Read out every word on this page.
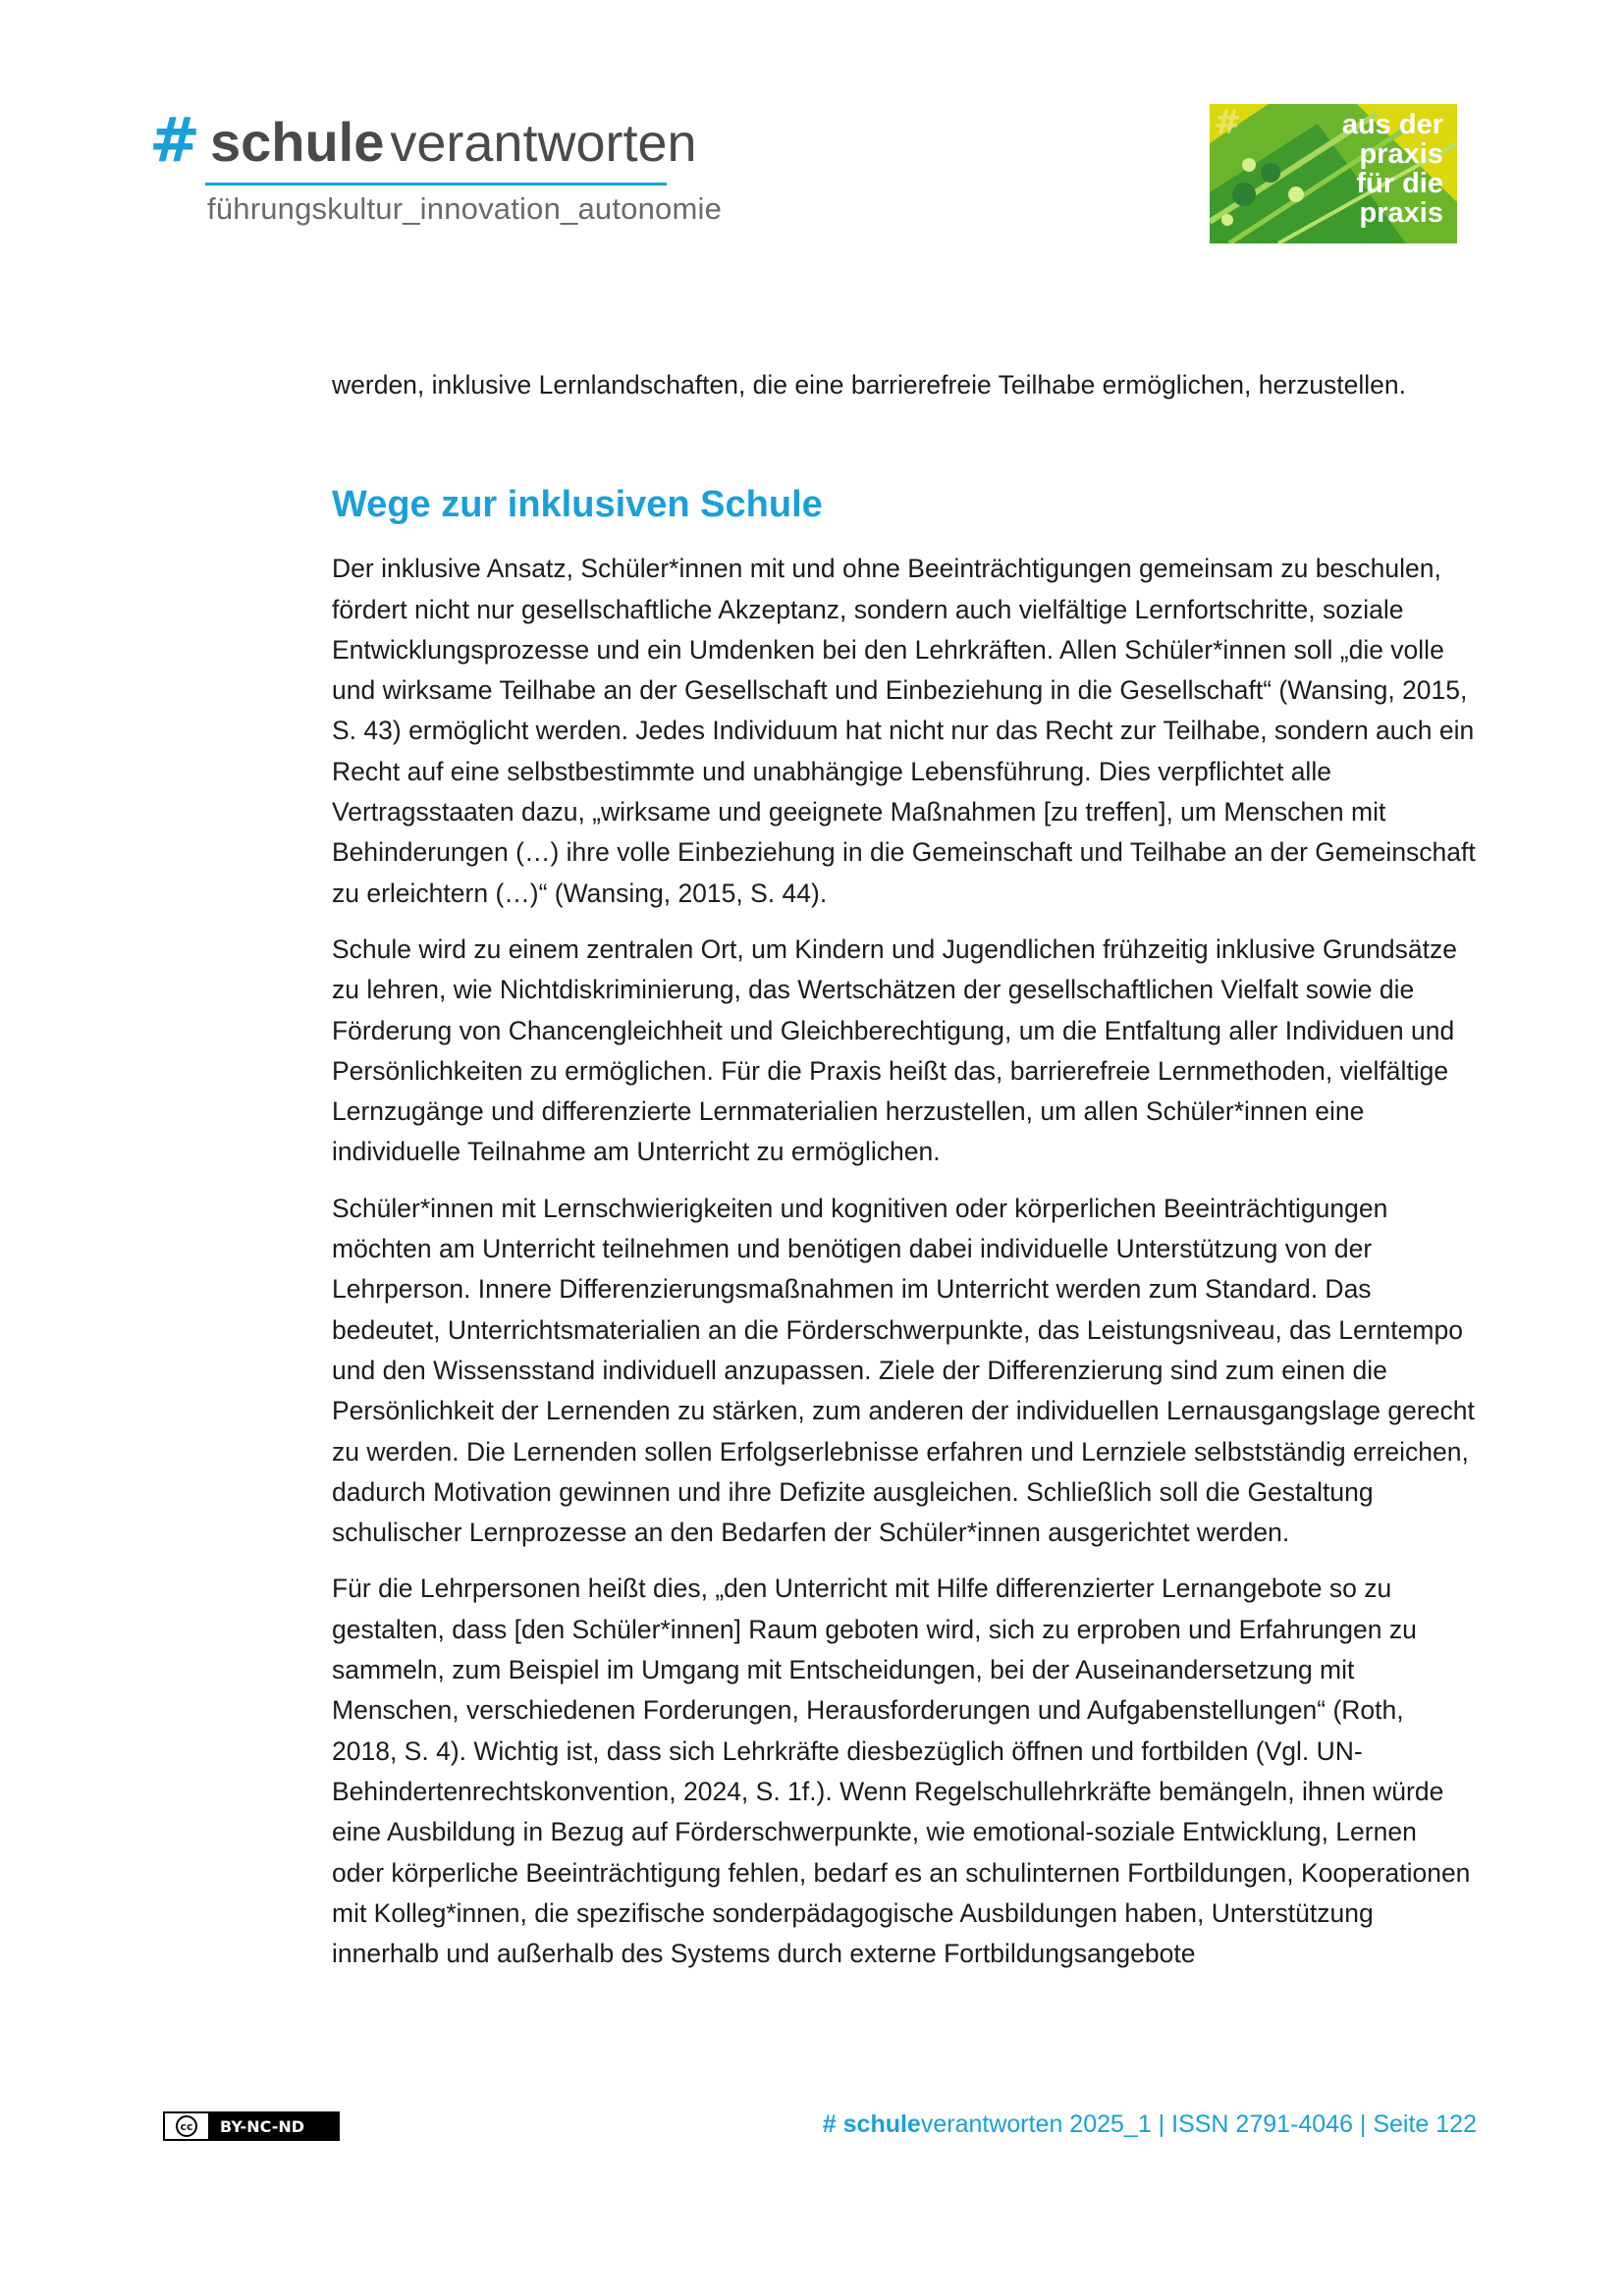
# schule verantworten
führungskultur_innovation_autonomie
#	aus der
praxis
für die
praxis

werden, inklusive Lernlandschaften, die eine barrierefreie Teilhabe ermöglichen, herzustellen.

Wege zur inklusiven Schule

Der inklusive Ansatz, Schüler*innen mit und ohne Beeinträchtigungen gemeinsam zu beschulen, fördert nicht nur gesellschaftliche Akzeptanz, sondern auch vielfältige Lernfortschritte, soziale Entwicklungsprozesse und ein Umdenken bei den Lehrkräften. Allen Schüler*innen soll „die volle und wirksame Teilhabe an der Gesellschaft und Einbeziehung in die Gesellschaft“ (Wansing, 2015, S. 43) ermöglicht werden. Jedes Individuum hat nicht nur das Recht zur Teilhabe, sondern auch ein Recht auf eine selbstbestimmte und unabhängige Lebensführung. Dies verpflichtet alle Vertragsstaaten dazu, „wirksame und geeignete Maßnahmen [zu treffen], um Menschen mit Behinderungen (…) ihre volle Einbeziehung in die Gemeinschaft und Teilhabe an der Gemeinschaft zu erleichtern (…)“ (Wansing, 2015, S. 44).

Schule wird zu einem zentralen Ort, um Kindern und Jugendlichen frühzeitig inklusive Grundsätze zu lehren, wie Nichtdiskriminierung, das Wertschätzen der gesellschaftlichen Vielfalt sowie die Förderung von Chancengleichheit und Gleichberechtigung, um die Entfaltung aller Individuen und Persönlichkeiten zu ermöglichen. Für die Praxis heißt das, barrierefreie Lernmethoden, vielfältige Lernzugänge und differenzierte Lernmaterialien herzustellen, um allen Schüler*innen eine individuelle Teilnahme am Unterricht zu ermöglichen.

Schüler*innen mit Lernschwierigkeiten und kognitiven oder körperlichen Beeinträchtigungen möchten am Unterricht teilnehmen und benötigen dabei individuelle Unterstützung von der Lehrperson. Innere Differenzierungsmaßnahmen im Unterricht werden zum Standard. Das bedeutet, Unterrichtsmaterialien an die Förderschwerpunkte, das Leistungsniveau, das Lerntempo und den Wissensstand individuell anzupassen. Ziele der Differenzierung sind zum einen die Persönlichkeit der Lernenden zu stärken, zum anderen der individuellen Lernausgangslage gerecht zu werden. Die Lernenden sollen Erfolgserlebnisse erfahren und Lernziele selbstständig erreichen, dadurch Motivation gewinnen und ihre Defizite ausgleichen. Schließlich soll die Gestaltung schulischer Lernprozesse an den Bedarfen der Schüler*innen ausgerichtet werden.

Für die Lehrpersonen heißt dies, „den Unterricht mit Hilfe differenzierter Lernangebote so zu gestalten, dass [den Schüler*innen] Raum geboten wird, sich zu erproben und Erfahrungen zu sammeln, zum Beispiel im Umgang mit Entscheidungen, bei der Auseinandersetzung mit Menschen, verschiedenen Forderungen, Herausforderungen und Aufgabenstellungen“ (Roth, 2018, S. 4). Wichtig ist, dass sich Lehrkräfte diesbezüglich öffnen und fortbilden (Vgl. UN-Behindertenrechtskonvention, 2024, S. 1f.). Wenn Regelschullehrkräfte bemängeln, ihnen würde eine Ausbildung in Bezug auf Förderschwerpunkte, wie emotional-soziale Entwicklung, Lernen oder körperliche Beeinträchtigung fehlen, bedarf es an schulinternen Fortbildungen, Kooperationen mit Kolleg*innen, die spezifische sonderpädagogische Ausbildungen haben, Unterstützung innerhalb und außerhalb des Systems durch externe Fortbildungsangebote

cc	BY-NC-ND	# schuleverantworten 2025_1 | ISSN 2791-4046 | Seite 122
